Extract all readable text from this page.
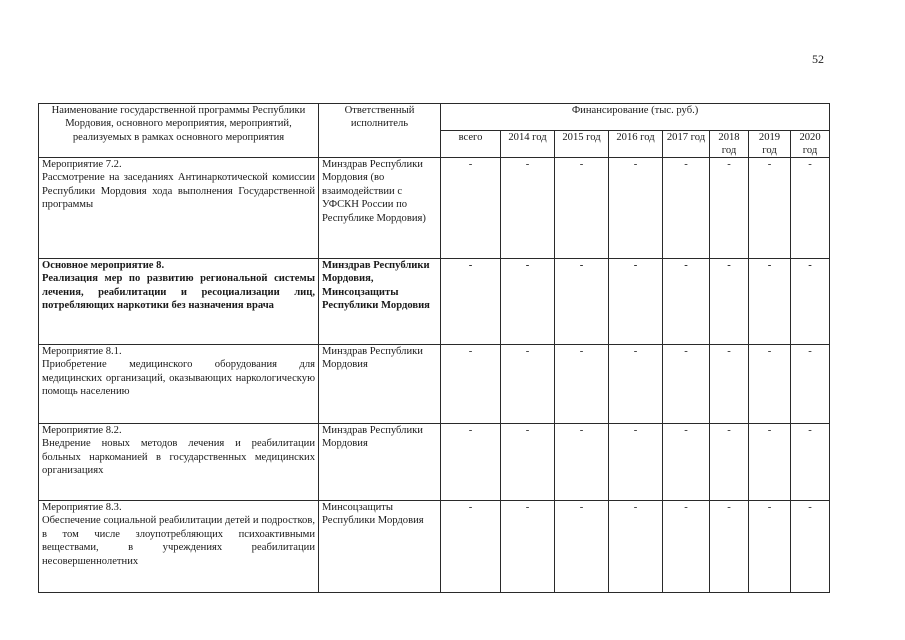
52
Наименование государственной программы Республики Мордовия, основного мероприятия, мероприятий, реализуемых в рамках основного мероприятия	Ответственный исполнитель	Финансирование (тыс. руб.)							
		всего	2014 год	2015 год	2016 год	2017 год	2018 год	2019 год	2020 год

Мероприятие 7.2.
Рассмотрение на заседаниях Антинаркотической комиссии Республики Мордовия хода выполнения Государственной программы	Минздрав Республики Мордовия (во взаимодействии с УФСКН России по Республике Мордовия)	-	-	-	-	-	-	-	-

Основное мероприятие 8.
Реализация мер по развитию региональной системы лечения, реабилитации и ресоциализации лиц, потребляющих наркотики без назначения врача	Минздрав Республики Мордовия, Минсоцзащиты Республики Мордовия	-	-	-	-	-	-	-	-

Мероприятие 8.1.
Приобретение медицинского оборудования для медицинских организаций, оказывающих наркологическую помощь населению	Минздрав Республики Мордовия	-	-	-	-	-	-	-	-

Мероприятие 8.2.
Внедрение новых методов лечения и реабилитации больных наркоманией в государственных медицинских организациях	Минздрав Республики Мордовия	-	-	-	-	-	-	-	-

Мероприятие 8.3.
Обеспечение социальной реабилитации детей и подростков, в том числе злоупотребляющих психоактивными веществами, в учреждениях реабилитации несовершеннолетних	Минсоцзащиты Республики Мордовия	-	-	-	-	-	-	-	-
